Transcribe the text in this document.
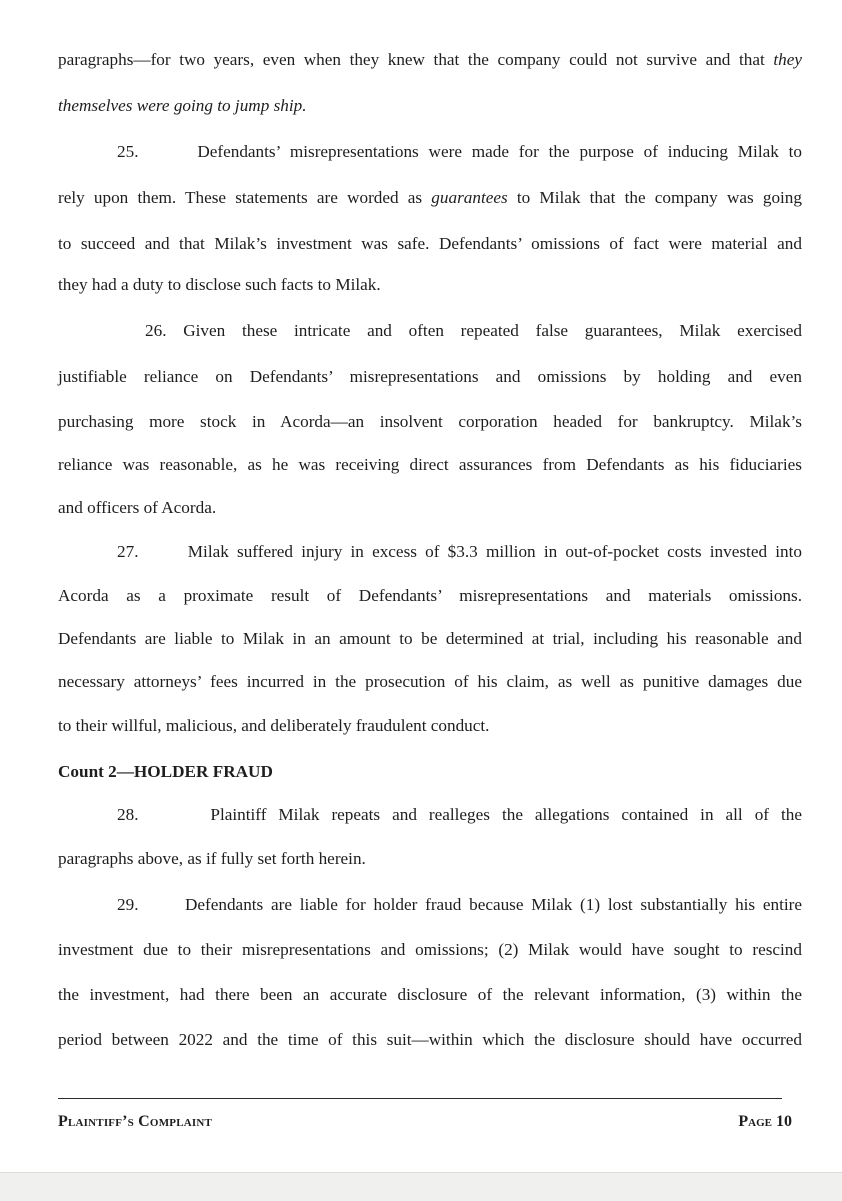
paragraphs—for two years, even when they knew that the company could not survive and that they
themselves were going to jump ship.
25.      Defendants’ misrepresentations were made for the purpose of inducing Milak to
rely upon them. These statements are worded as guarantees to Milak that the company was going
to succeed and that Milak’s investment was safe. Defendants’ omissions of fact were material and
they had a duty to disclose such facts to Milak.
26. Given these intricate and often repeated false guarantees, Milak exercised
justifiable reliance on Defendants’ misrepresentations and omissions by holding and even
purchasing more stock in Acorda—an insolvent corporation headed for bankruptcy. Milak’s
reliance was reasonable, as he was receiving direct assurances from Defendants as his fiduciaries
and officers of Acorda.
27.      Milak suffered injury in excess of $3.3 million in out-of-pocket costs invested into
Acorda as a proximate result of Defendants’ misrepresentations and materials omissions.
Defendants are liable to Milak in an amount to be determined at trial, including his reasonable and
necessary attorneys’ fees incurred in the prosecution of his claim, as well as punitive damages due
to their willful, malicious, and deliberately fraudulent conduct.
Count 2—HOLDER FRAUD
28.      Plaintiff Milak repeats and realleges the allegations contained in all of the
paragraphs above, as if fully set forth herein.
29.      Defendants are liable for holder fraud because Milak (1) lost substantially his entire
investment due to their misrepresentations and omissions; (2) Milak would have sought to rescind
the investment, had there been an accurate disclosure of the relevant information, (3) within the
period between 2022 and the time of this suit—within which the disclosure should have occurred
Plaintiff’s Complaint	Page 10
